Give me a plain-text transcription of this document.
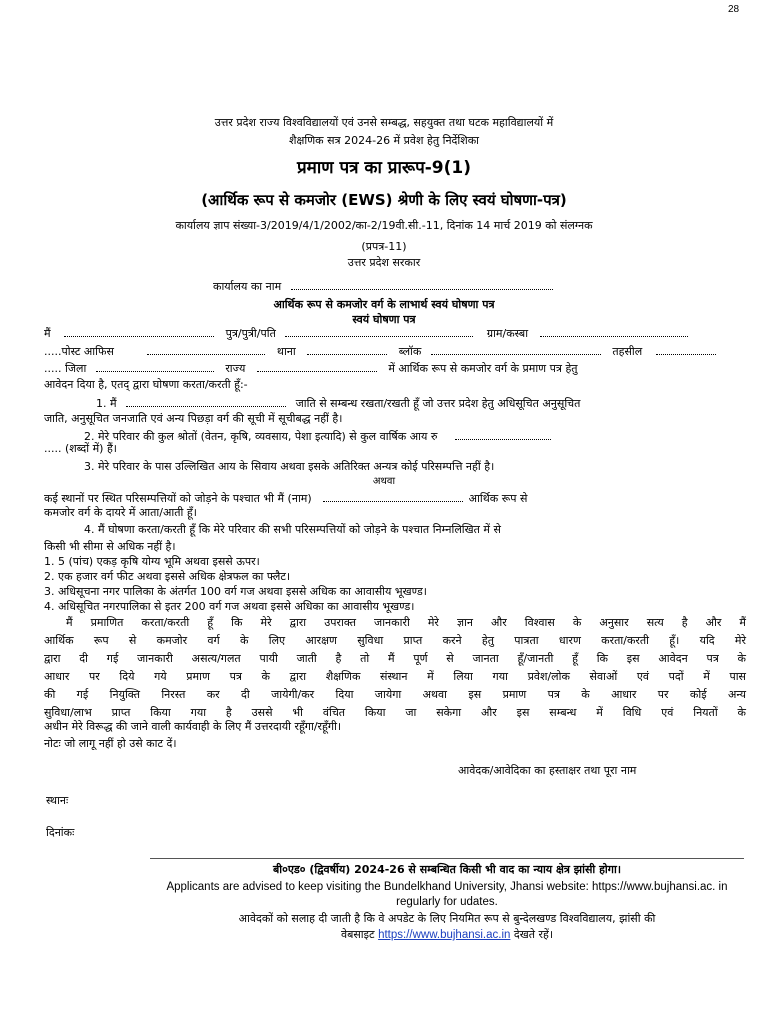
28
उत्तर प्रदेश राज्य विश्वविद्यालयों एवं उनसे सम्बद्ध, सहयुक्त तथा घटक महाविद्यालयों में
शैक्षणिक सत्र 2024-26 में प्रवेश हेतु निर्देशिका
प्रमाण पत्र का प्रारूप-9(1)
(आर्थिक रूप से कमजोर (EWS) श्रेणी के लिए स्वयं घोषणा-पत्र)
कार्यालय ज्ञाप संख्या-3/2019/4/1/2002/का-2/19वी.सी.-11, दिनांक 14 मार्च 2019 को संलग्नक
(प्रपत्र-11)
उत्तर प्रदेश सरकार
कार्यालय का नाम
आर्थिक रूप से कमजोर वर्ग के लाभार्थ स्वयं घोषणा पत्र
स्वयं घोषणा पत्र
मैं	पुत्र/पुत्री/पति	ग्राम/कस्बा
.....पोस्ट आफिस	थाना	ब्लॉक	तहसील
..... जिला	राज्य	में आर्थिक रूप से कमजोर वर्ग के प्रमाण पत्र हेतु
आवेदन दिया है, एतद् द्वारा घोषणा करता/करती हूँ:-
1. मैं	जाति से सम्बन्ध रखता/रखती हूँ जो उत्तर प्रदेश हेतु अधिसूचित अनुसूचित
जाति, अनुसूचित जनजाति एवं अन्य पिछड़ा वर्ग की सूची में सूचीबद्ध नहीं है।
2. मेरे परिवार की कुल श्रोतों (वेतन, कृषि, व्यवसाय, पेशा इत्यादि) से कुल वार्षिक आय रु
..... (शब्दों में) हैं।
3. मेरे परिवार के पास उल्लिखित आय के सिवाय अथवा इसके अतिरिक्त अन्यत्र कोई परिसम्पत्ति नहीं है।
अथवा
कई स्थानों पर स्थित परिसम्पत्तियों को जोड़ने के पश्चात भी मैं (नाम)	आर्थिक रूप से
कमजोर वर्ग के दायरे में आता/आती हूँ।
4. मैं घोषणा करता/करती हूँ कि मेरे परिवार की सभी परिसम्पत्तियों को जोड़ने के पश्चात निम्नलिखित में से
किसी भी सीमा से अधिक नहीं है।
1. 5 (पांच) एकड़ कृषि योग्य भूमि अथवा इससे ऊपर।
2. एक हजार वर्ग फीट अथवा इससे अधिक क्षेत्रफल का फ्लैट।
3. अधिसूचना नगर पालिका के अंतर्गत 100 वर्ग गज अथवा इससे अधिक का आवासीय भूखण्ड।
4. अधिसूचित नगरपालिका से इतर 200 वर्ग गज अथवा इससे अधिका का आवासीय भूखण्ड।
मैं प्रमाणित करता/करती हूँ कि मेरे द्वारा उपराक्त जानकारी मेरे ज्ञान और विश्वास के अनुसार सत्य है और मैं
आर्थिक रूप से कमजोर वर्ग के लिए आरक्षण सुविधा प्राप्त करने हेतु पात्रता धारण करता/करती हूँ। यदि मेरे
द्वारा दी गई जानकारी असत्य/गलत पायी जाती है तो मैं पूर्ण से जानता हूँ/जानती हूँ कि इस आवेदन पत्र के
आधार पर दिये गये प्रमाण पत्र के द्वारा शैक्षणिक संस्थान में लिया गया प्रवेश/लोक सेवाओं एवं पदों में पास
की गई नियुक्ति निरस्त कर दी जायेगी/कर दिया जायेगा अथवा इस प्रमाण पत्र के आधार पर कोई अन्य
सुविधा/लाभ प्राप्त किया गया है उससे भी वंचित किया जा सकेगा और इस सम्बन्ध में विधि एवं नियतों के
अधीन मेरे विरूद्ध की जाने वाली कार्यवाही के लिए मैं उत्तरदायी रहूँगा/रहूँगी।
नोटः जो लागू नहीं हो उसे काट दें।
आवेदक/आवेदिका का हस्ताक्षर तथा पूरा नाम
स्थानः
दिनांकः
बी०एड० (द्विवर्षीय) 2024-26 से सम्बन्धित किसी भी वाद का न्याय क्षेत्र झांसी होगा।
Applicants are advised to keep visiting the Bundelkhand University, Jhansi website: https://www.bujhansi.ac. in
regularly for udates.
आवेदकों को सलाह दी जाती है कि वे अपडेट के लिए नियमित रूप से बुन्देलखण्ड विश्वविद्यालय, झांसी की
वेबसाइट https://www.bujhansi.ac.in देखते रहें।
